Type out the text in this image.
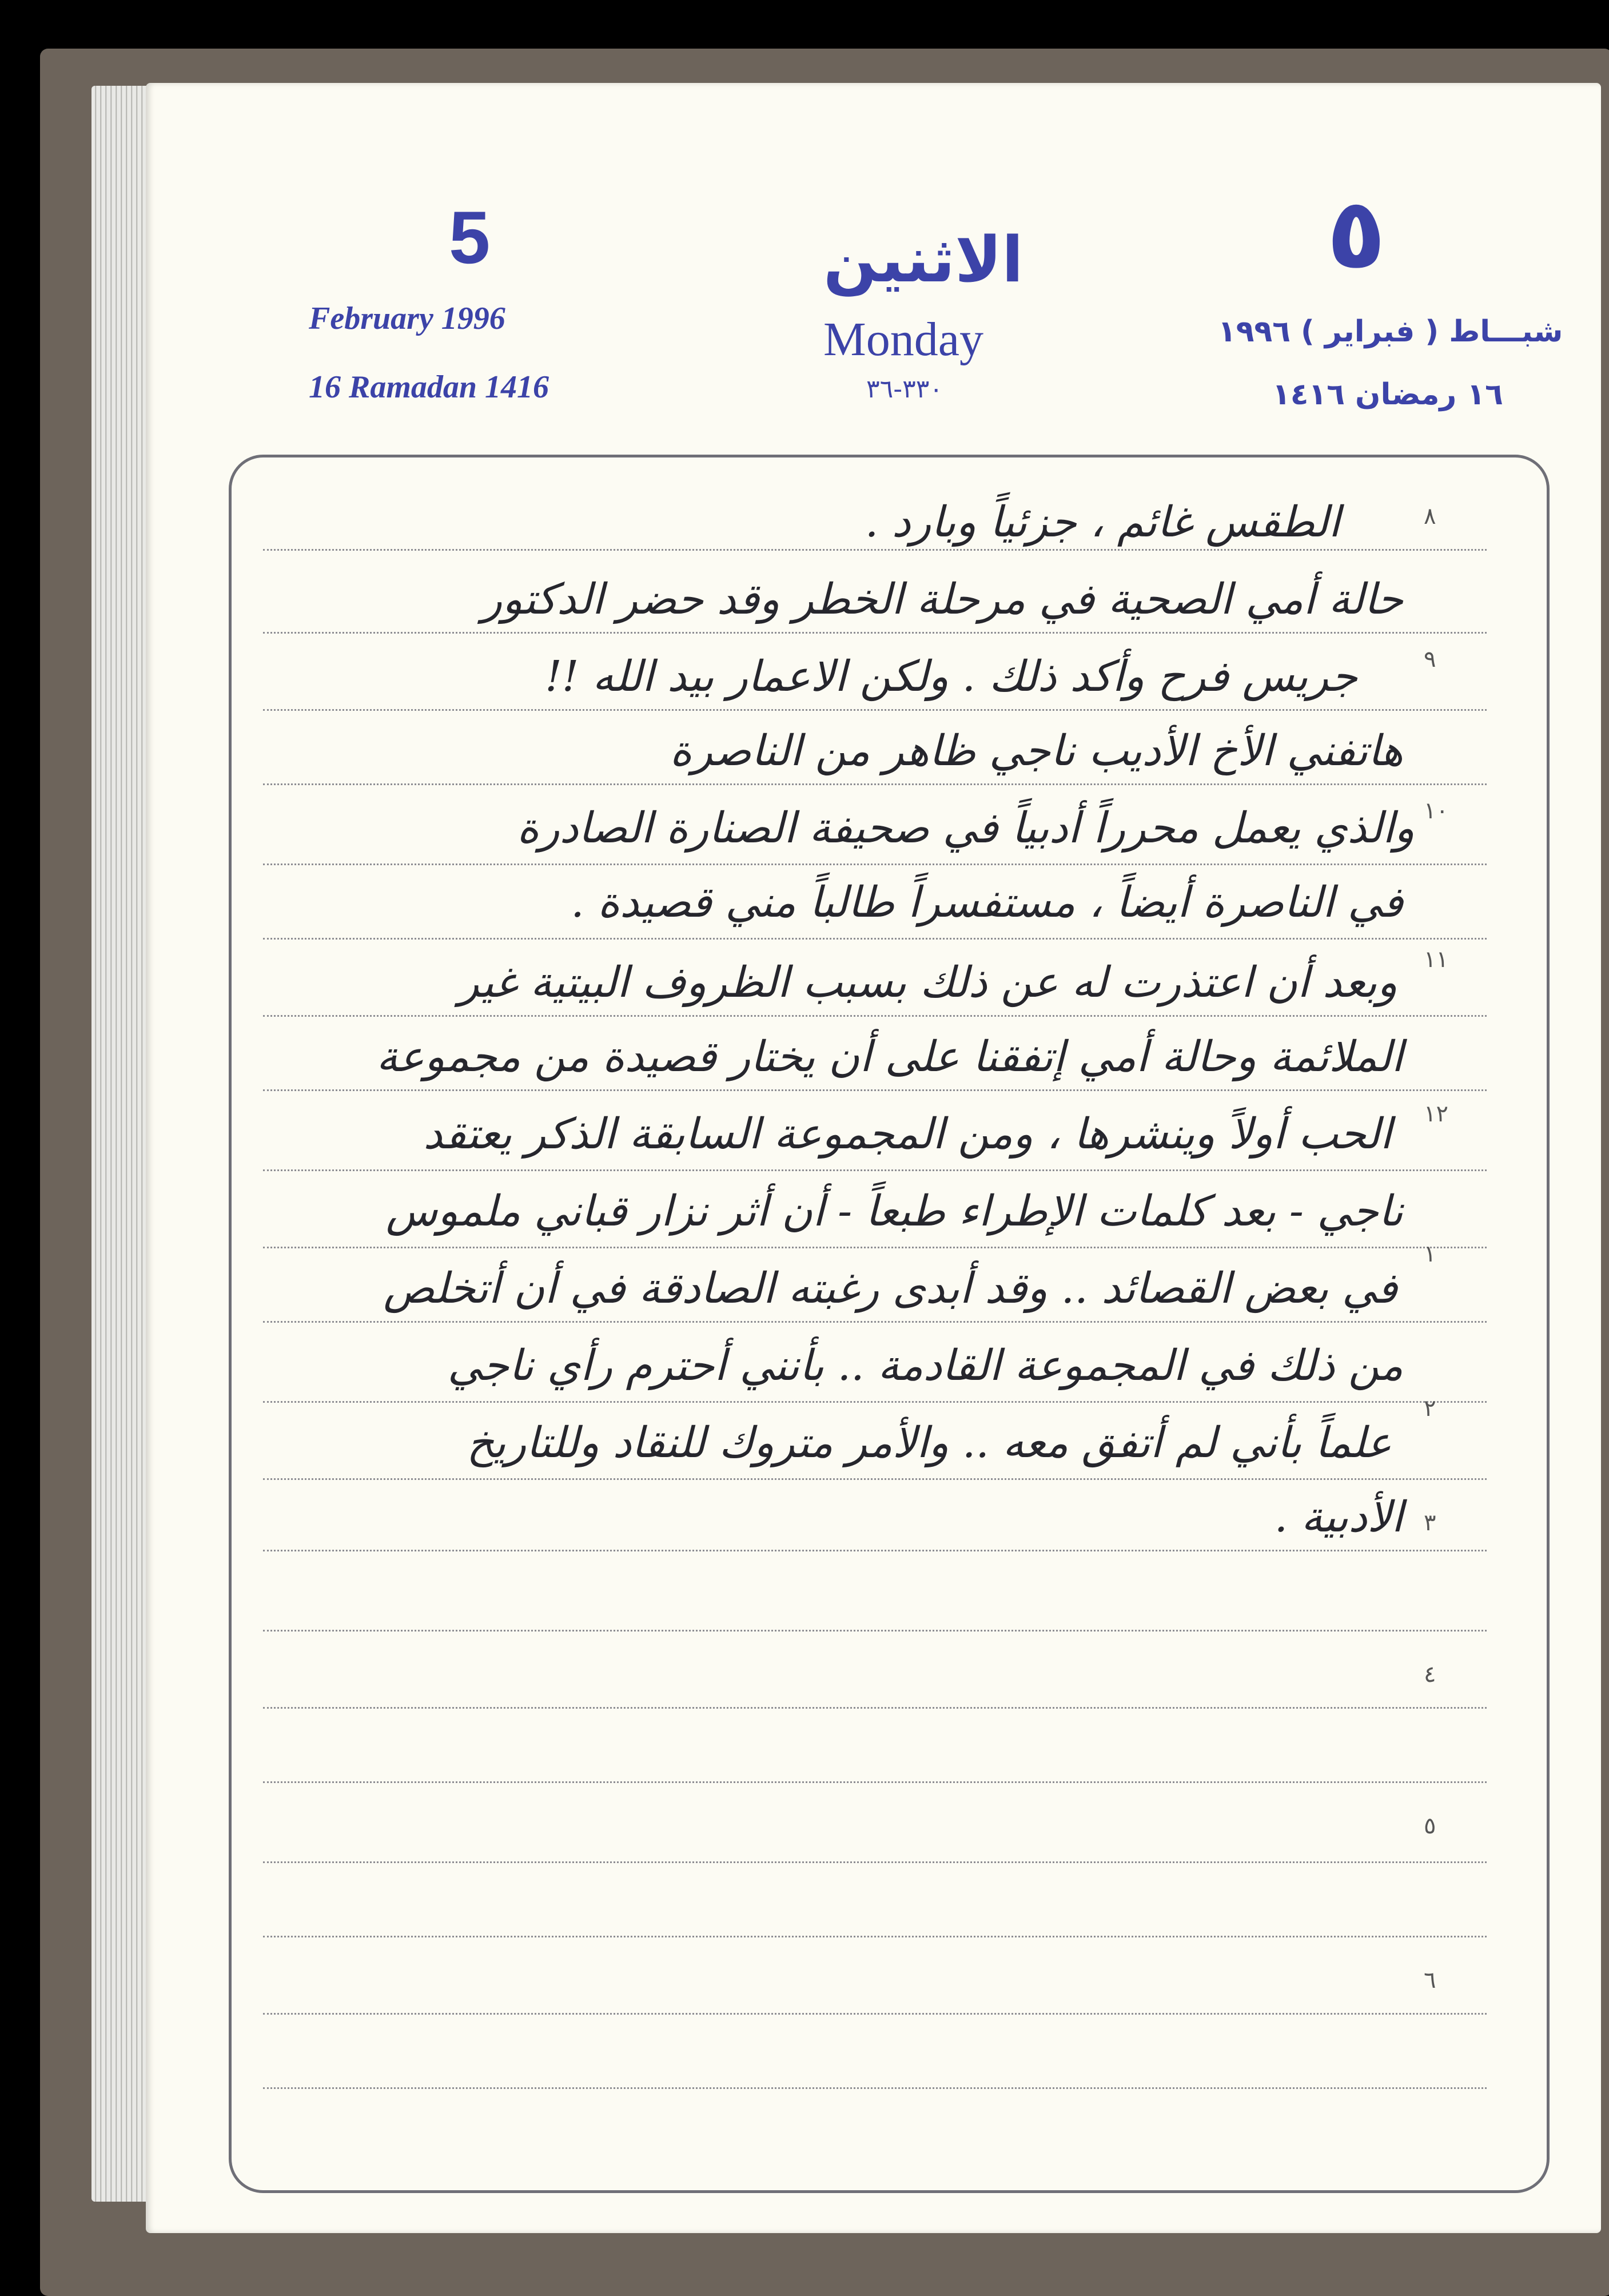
5	٥
February 1996
16 Ramadan 1416
الاثنين
Monday
٣٣٠-٣٦
شبـــاط ( فبراير ) ١٩٩٦
١٦ رمضان ١٤١٦
٨
٩
١٠
١١
١٢
١
٢
٣
٤
٥
٦
الطقس غائم ، جزئياً وبارد .
حالة أمي الصحية في مرحلة الخطر وقد حضر الدكتور
جريس فرح وأكد ذلك . ولكن الاعمار بيد الله !!
هاتفني الأخ الأديب ناجي ظاهر من الناصرة
والذي يعمل محرراً أدبياً في صحيفة الصنارة الصادرة
في الناصرة أيضاً ، مستفسراً طالباً مني قصيدة .
وبعد أن اعتذرت له عن ذلك بسبب الظروف البيتية غير
الملائمة وحالة أمي إتفقنا على أن يختار قصيدة من مجموعة
الحب أولاً وينشرها ، ومن المجموعة السابقة الذكر يعتقد
ناجي - بعد كلمات الإطراء طبعاً - أن أثر نزار قباني ملموس
في بعض القصائد .. وقد أبدى رغبته الصادقة في أن أتخلص
من ذلك في المجموعة القادمة .. بأنني أحترم رأي ناجي
علماً بأني لم أتفق معه .. والأمر متروك للنقاد وللتاريخ
الأدبية .
